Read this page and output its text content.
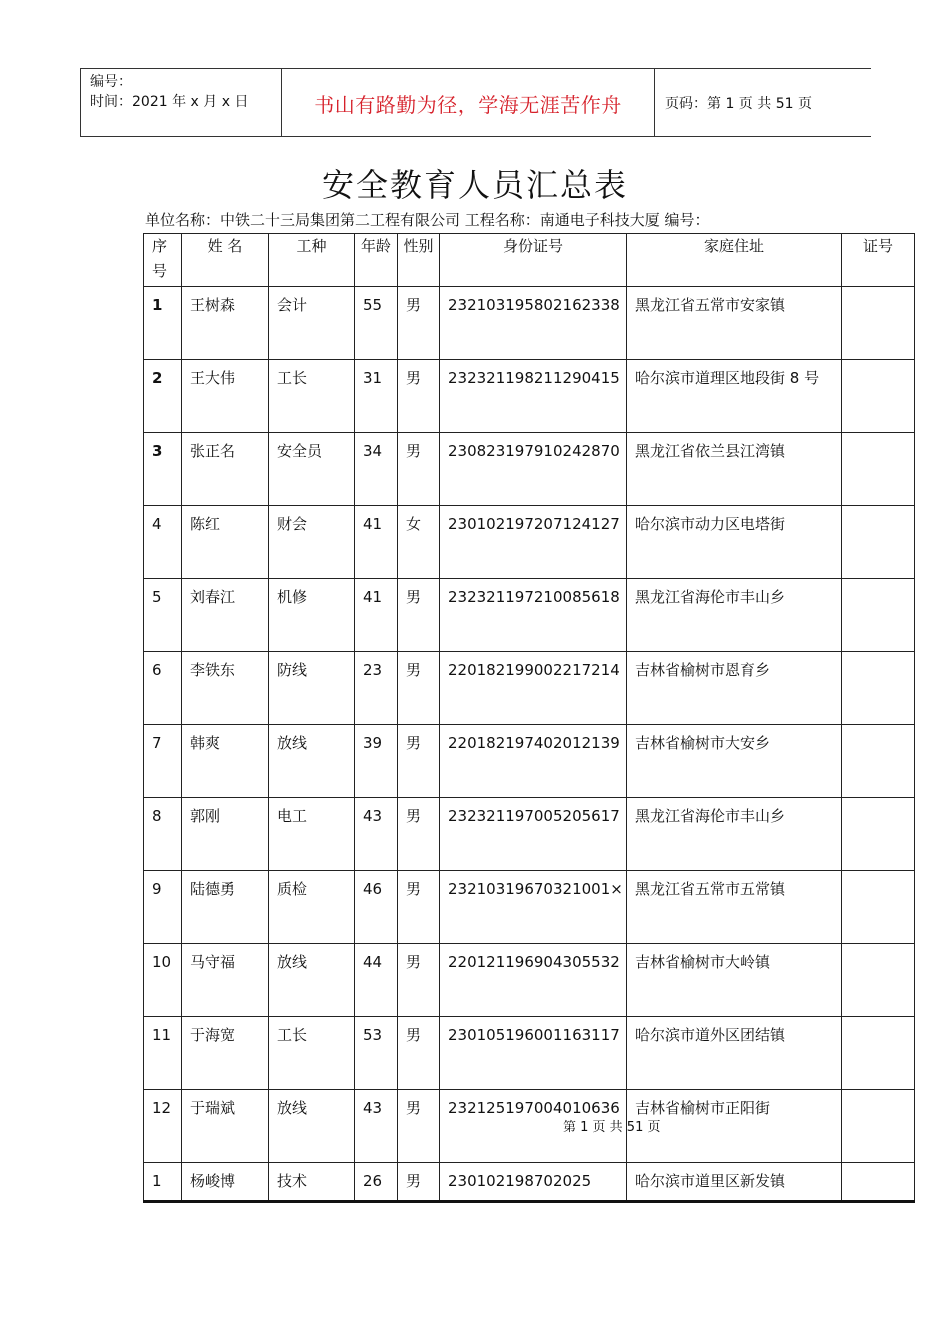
编号：
时间：2021 年 x 月 x 日	书山有路勤为径，学海无涯苦作舟	页码：第 1 页 共 51 页
安全教育人员汇总表
单位名称：中铁二十三局集团第二工程有限公司 工程名称：南通电子科技大厦 编号：
序号	姓 名	工种	年龄	性别	身份证号	家庭住址	证号
1	王树森	会计	55	男	232103195802162338	黑龙江省五常市安家镇	
2	王大伟	工长	31	男	232321198211290415	哈尔滨市道理区地段街 8 号	
3	张正名	安全员	34	男	230823197910242870	黑龙江省依兰县江湾镇	
4	陈红	财会	41	女	230102197207124127	哈尔滨市动力区电塔街	
5	刘春江	机修	41	男	232321197210085618	黑龙江省海伦市丰山乡	
6	李铁东	防线	23	男	220182199002217214	吉林省榆树市恩育乡	
7	韩爽	放线	39	男	220182197402012139	吉林省榆树市大安乡	
8	郭刚	电工	43	男	232321197005205617	黑龙江省海伦市丰山乡	
9	陆德勇	质检	46	男	23210319670321001×	黑龙江省五常市五常镇	
10	马守福	放线	44	男	220121196904305532	吉林省榆树市大岭镇	
11	于海宽	工长	53	男	230105196001163117	哈尔滨市道外区团结镇	
12	于瑞斌	放线	43	男	232125197004010636	吉林省榆树市正阳街	
1	杨峻博	技术	26	男	230102198702025	哈尔滨市道里区新发镇	
第 1 页 共 51 页
